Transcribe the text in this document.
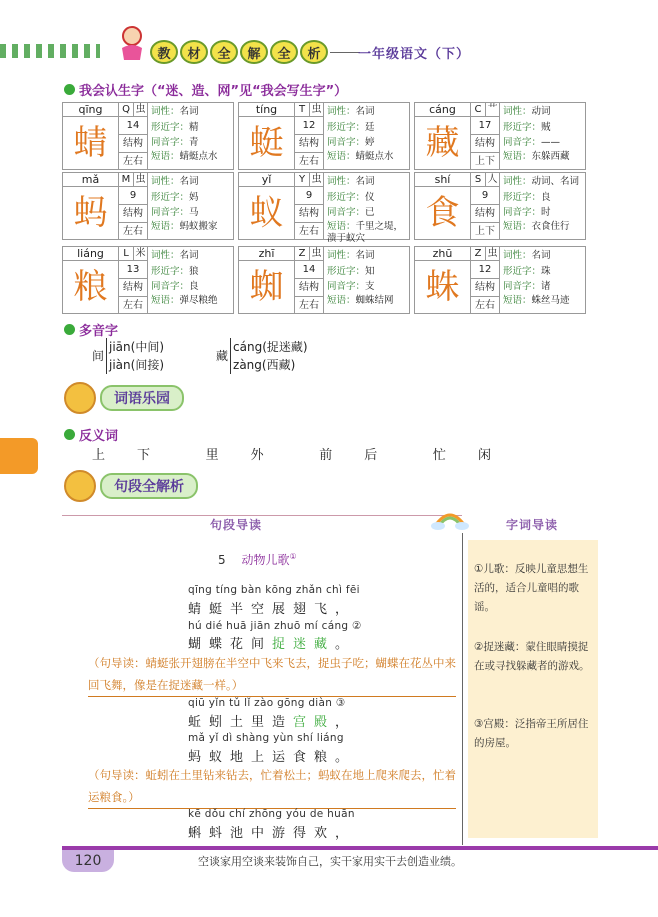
教	材	全	解	全	析	一年级语文（下）
我会认生字（“迷、造、网”见“我会写生字”）
qīng	Q 虫
蜻	14
结构
左右
词性：名词
形近字：精
同音字：青
短语：蜻蜓点水
tíng	T 虫
蜓	12
结构
左右
词性：名词
形近字：廷
同音字：婷
短语：蜻蜓点水
cáng	C 艹
藏	17
结构
上下
词性：动词
形近字：贼
同音字：——
短语：东躲西藏
mǎ	M 虫
蚂	9
结构
左右
词性：名词
形近字：妈
同音字：马
短语：蚂蚁搬家
yǐ	Y 虫
蚁	9
结构
左右
词性：名词
形近字：仪
同音字：已
短语：千里之堤，溃于蚁穴
shí	S 人
食	9
结构
上下
词性：动词、名词
形近字：良
同音字：时
短语：衣食住行
liáng	L 米
粮	13
结构
左右
词性：名词
形近字：狼
同音字：良
短语：弹尽粮绝
zhī	Z 虫
蜘	14
结构
左右
词性：名词
形近字：知
同音字：支
短语：蜘蛛结网
zhū	Z 虫
蛛	12
结构
左右
词性：名词
形近字：珠
同音字：诸
短语：蛛丝马迹
多音字
间
jiān(中间)
jiàn(间接)
藏
cáng(捉迷藏)
zàng(西藏)
词语乐园
反义词
上 下	里 外	前 后	忙 闲
句段全解析
句段导读	字词导读
①儿歌：反映儿童思想生活的，适合儿童唱的歌谣。
②捉迷藏：蒙住眼睛摸捉在或寻找躲藏者的游戏。
③宫殿：泛指帝王所居住的房屋。
5 动物儿歌①
qīng tíng bàn kōng zhǎn chì fēi
蜻蜓半空展翅飞，
hú dié huā jiān zhuō mí cáng ②
蝴蝶花间捉迷藏。
（句导读：蜻蜓张开翅膀在半空中飞来飞去，捉虫子吃；蝴蝶在花丛中来回飞舞，像是在捉迷藏一样。）
qiū yǐn tǔ lǐ zào gōng diàn ③
蚯蚓土里造宫殿，
mǎ yǐ dì shàng yùn shí liáng
蚂蚁地上运食粮。
（句导读：蚯蚓在土里钻来钻去，忙着松土；蚂蚁在地上爬来爬去，忙着运粮食。）
kē dǒu chí zhōng yóu de huān
蝌蚪池中游得欢，
120	空谈家用空谈来装饰自己，实干家用实干去创造业绩。
